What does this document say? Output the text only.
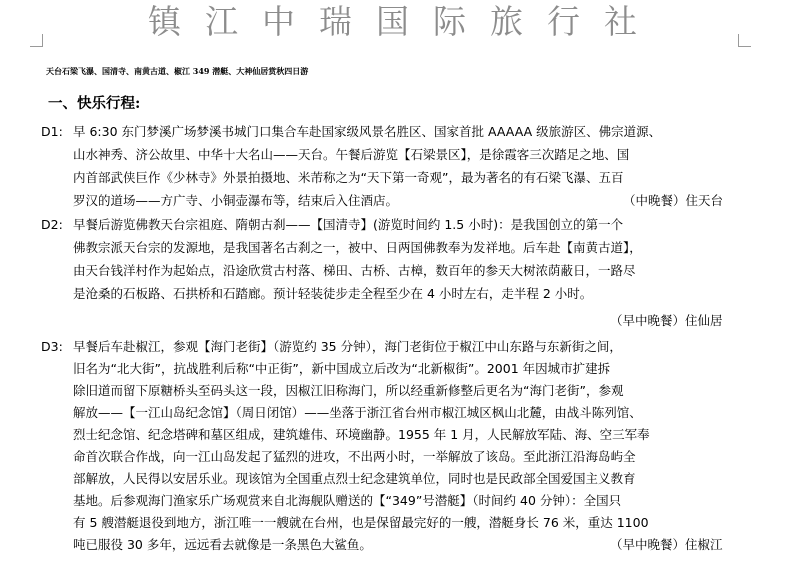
镇江中瑞国际旅行社
天台石梁飞瀑、国清寺、南黄古道、椒江 349 潜艇、大神仙居赏秋四日游
一、快乐行程:
D1: 早 6:30 东门梦溪广场梦溪书城门口集合车赴国家级风景名胜区、国家首批 AAAAA 级旅游区、佛宗道源、
山水神秀、济公故里、中华十大名山——天台。午餐后游览【石梁景区】，是徐霞客三次踏足之地、国
内首部武侠巨作《少林寺》外景拍摄地、米芾称之为“天下第一奇观”，最为著名的有石梁飞瀑、五百
罗汉的道场——方广寺、小铜壶瀑布等，结束后入住酒店。	（中晚餐）住天台
D2: 早餐后游览佛教天台宗祖庭、隋朝古刹——【国清寺】(游览时间约 1.5 小时)：是我国创立的第一个
佛教宗派天台宗的发源地，是我国著名古刹之一，被中、日两国佛教奉为发祥地。后车赴【南黄古道】，
由天台钱洋村作为起始点，沿途欣赏古村落、梯田、古桥、古樟，数百年的参天大树浓荫蔽日，一路尽
是沧桑的石板路、石拱桥和石踏廊。预计轻装徒步走全程至少在 4 小时左右，走半程 2 小时。
（早中晚餐）住仙居
D3: 早餐后车赴椒江，参观【海门老街】（游览约 35 分钟），海门老街位于椒江中山东路与东新街之间，
旧名为“北大街”，抗战胜利后称“中正街”，新中国成立后改为“北新椒街”。2001 年因城市扩建拆
除旧道而留下原糖桥头至码头这一段，因椒江旧称海门，所以经重新修整后更名为“海门老街”，参观
解放——【一江山岛纪念馆】（周日闭馆）——坐落于浙江省台州市椒江城区枫山北麓，由战斗陈列馆、
烈士纪念馆、纪念塔碑和墓区组成，建筑雄伟、环境幽静。1955 年 1 月，人民解放军陆、海、空三军奉
命首次联合作战，向一江山岛发起了猛烈的进攻，不出两小时，一举解放了该岛。至此浙江沿海岛屿全
部解放，人民得以安居乐业。现该馆为全国重点烈士纪念建筑单位，同时也是民政部全国爱国主义教育
基地。后参观海门渔家乐广场观赏来自北海舰队赠送的【“349”号潜艇】（时间约 40 分钟）：全国只
有 5 艘潜艇退役到地方，浙江唯一一艘就在台州，也是保留最完好的一艘，潜艇身长 76 米，重达 1100
吨已服役 30 多年，远远看去就像是一条黑色大鲨鱼。	（早中晚餐）住椒江
